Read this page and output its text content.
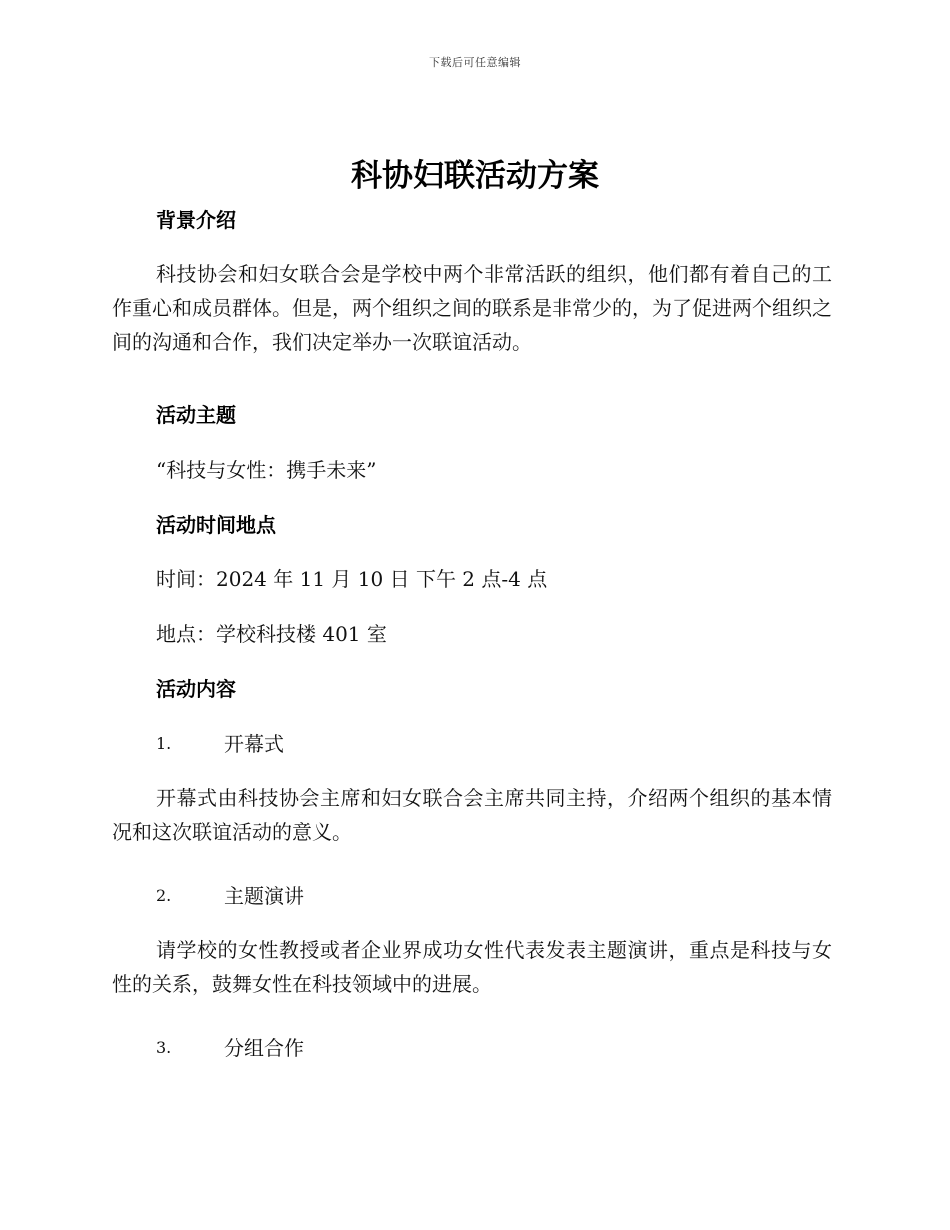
下载后可任意编辑
科协妇联活动方案
背景介绍

科技协会和妇女联合会是学校中两个非常活跃的组织，他们都有着自己的工作重心和成员群体。但是，两个组织之间的联系是非常少的，为了促进两个组织之间的沟通和合作，我们决定举办一次联谊活动。

活动主题

“科技与女性：携手未来”

活动时间地点

时间：2024 年 11 月 10 日 下午 2 点-4 点

地点：学校科技楼 401 室

活动内容
1.	开幕式

开幕式由科技协会主席和妇女联合会主席共同主持，介绍两个组织的基本情况和这次联谊活动的意义。

2.	主题演讲

请学校的女性教授或者企业界成功女性代表发表主题演讲，重点是科技与女性的关系，鼓舞女性在科技领域中的进展。

3.	分组合作
